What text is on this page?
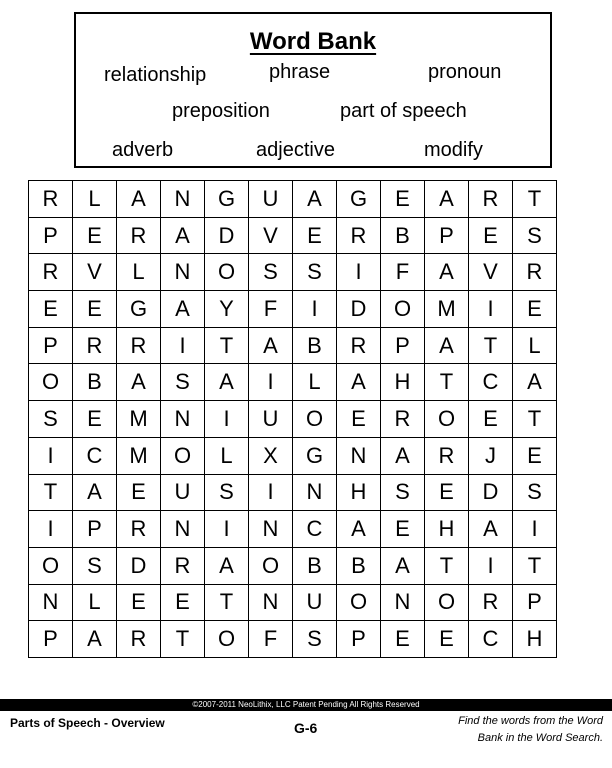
Word Bank
relationship	phrase	pronoun
preposition	part of speech
adverb	adjective	modify
R	L	A	N	G	U	A	G	E	A	R	T
P	E	R	A	D	V	E	R	B	P	E	S
R	V	L	N	O	S	S	I	F	A	V	R
E	E	G	A	Y	F	I	D	O	M	I	E
P	R	R	I	T	A	B	R	P	A	T	L
O	B	A	S	A	I	L	A	H	T	C	A
S	E	M	N	I	U	O	E	R	O	E	T
I	C	M	O	L	X	G	N	A	R	J	E
T	A	E	U	S	I	N	H	S	E	D	S
I	P	R	N	I	N	C	A	E	H	A	I
O	S	D	R	A	O	B	B	A	T	I	T
N	L	E	E	T	N	U	O	N	O	R	P
P	A	R	T	O	F	S	P	E	E	C	H
©2007-2011 NeoLithix, LLC Patent Pending All Rights Reserved
Parts of Speech - Overview	G-6	Find the words from the Word
Bank in the Word Search.
